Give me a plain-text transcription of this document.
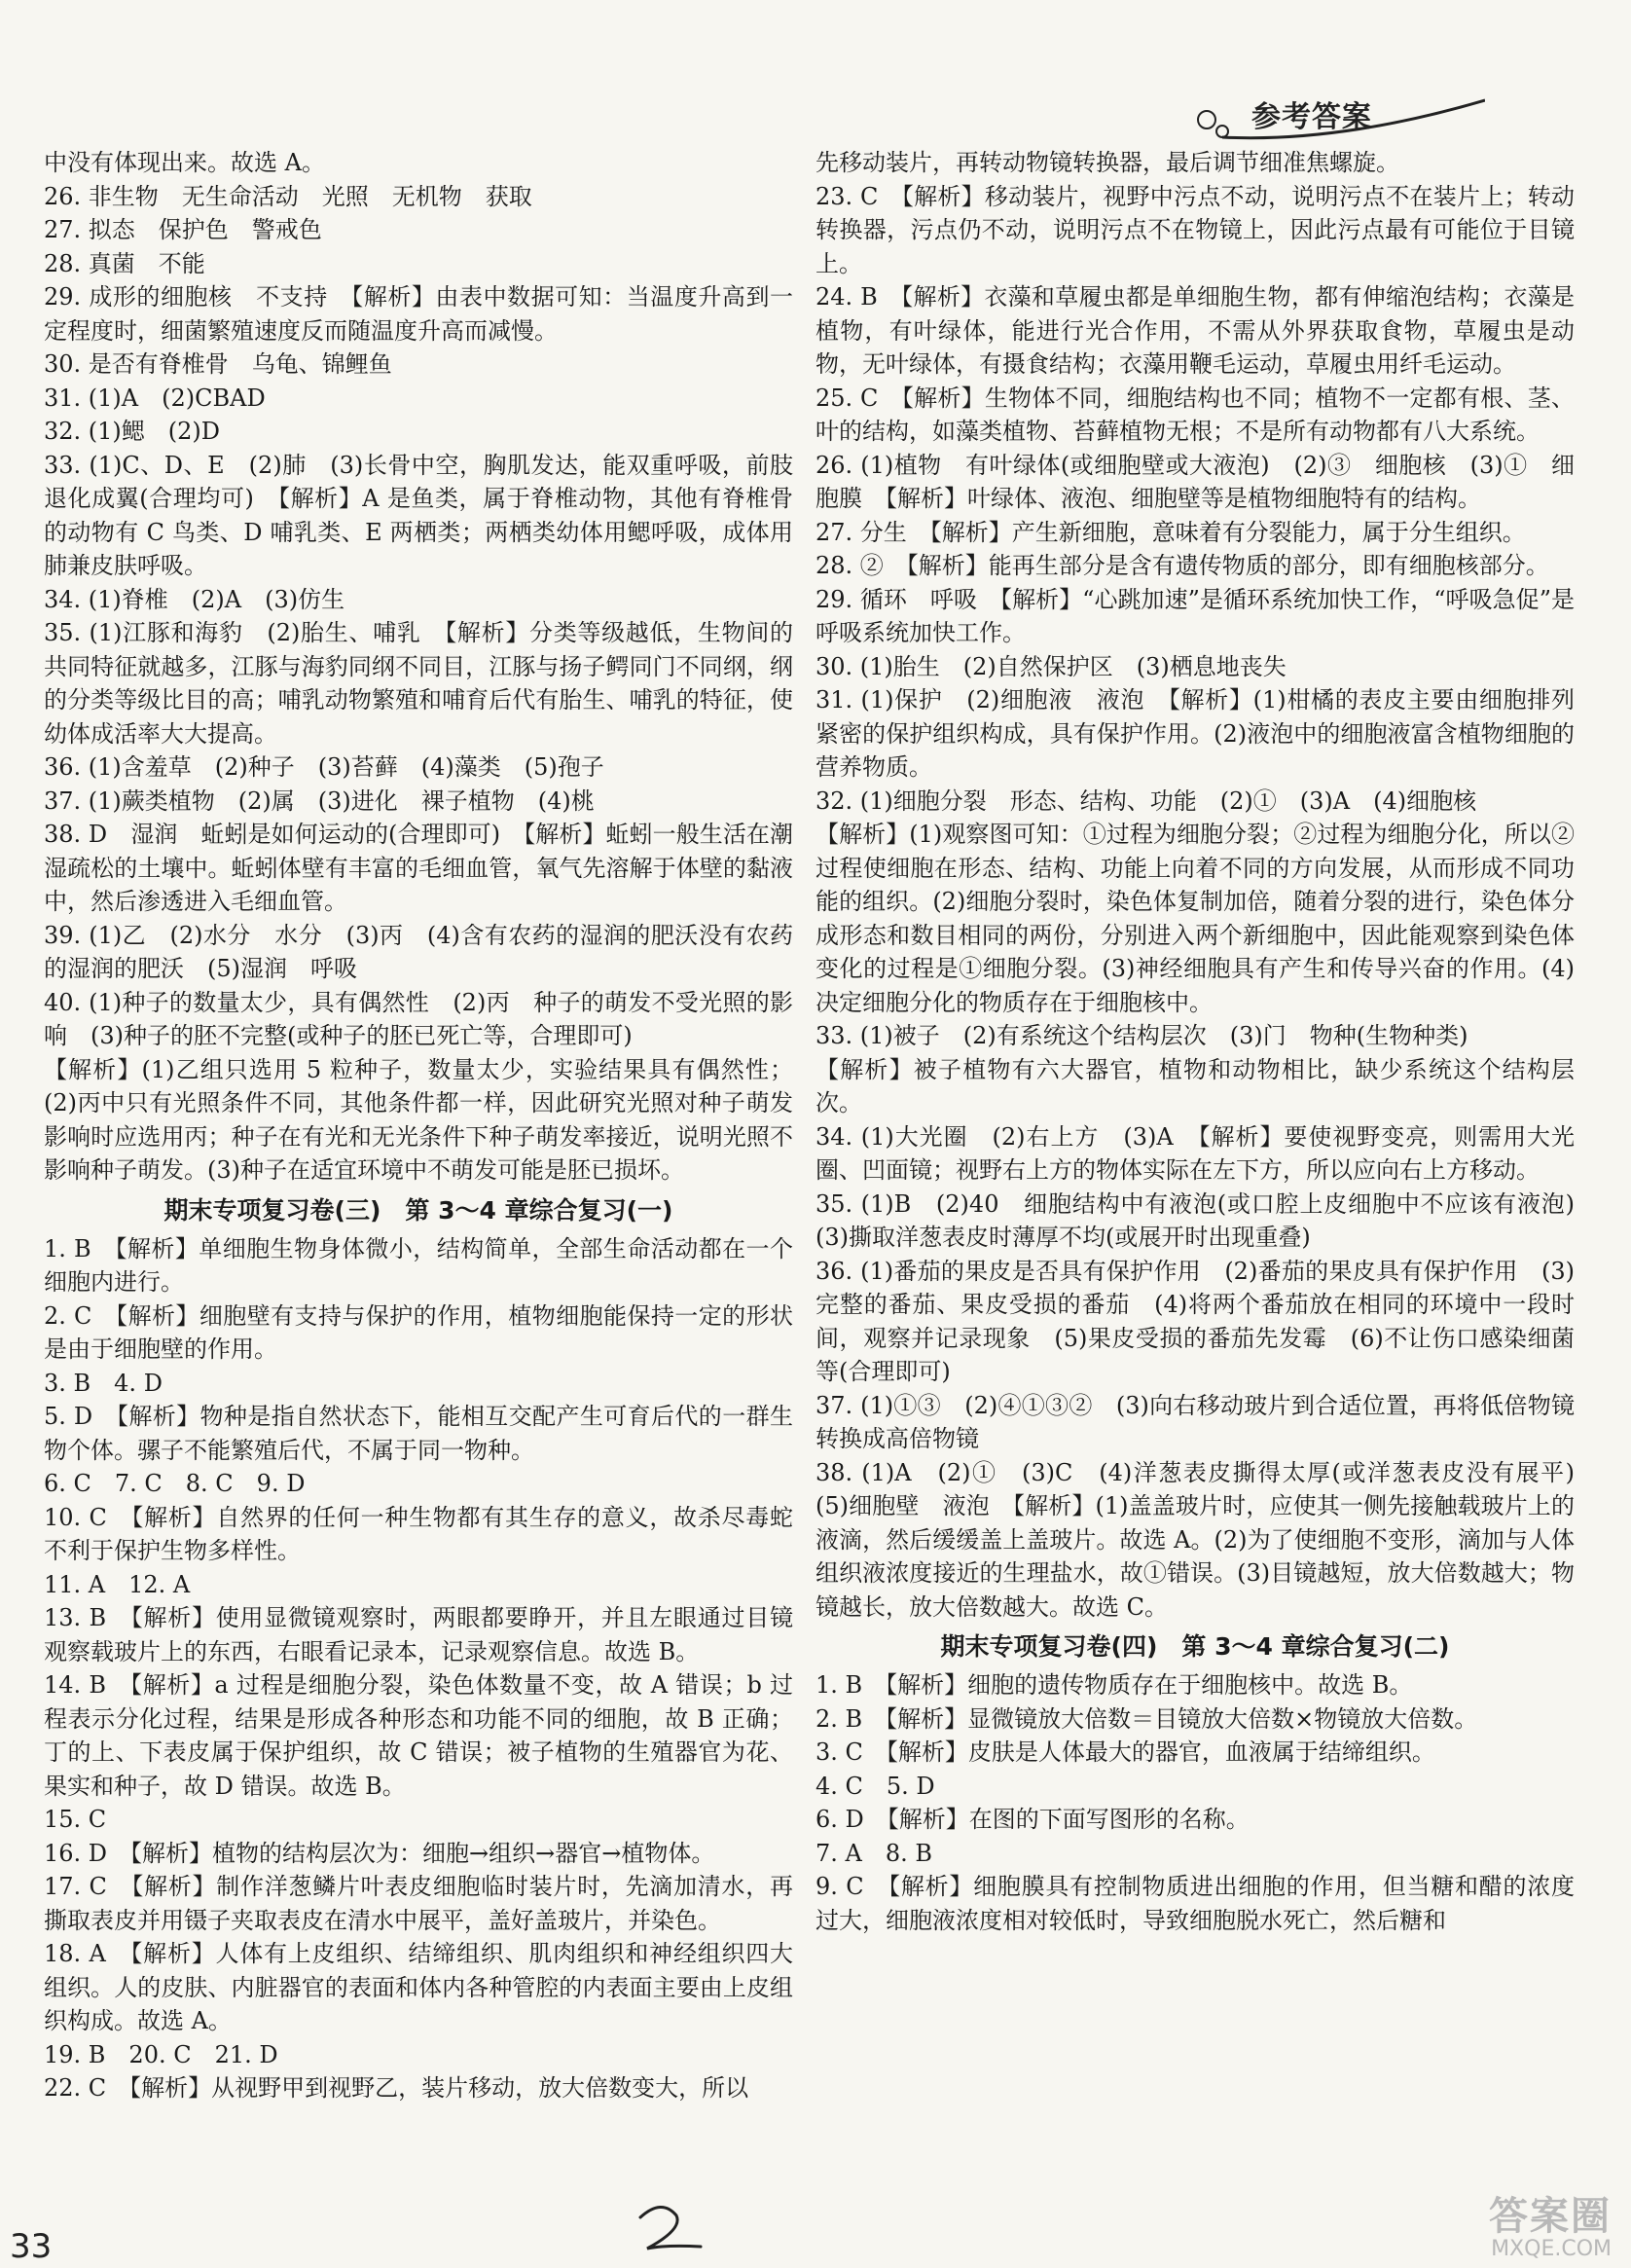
参考答案
中没有体现出来。故选 A。
26. 非生物　无生命活动　光照　无机物　获取
27. 拟态　保护色　警戒色
28. 真菌　不能
29. 成形的细胞核　不支持　【解析】由表中数据可知：当温度升高到一定程度时，细菌繁殖速度反而随温度升高而减慢。
30. 是否有脊椎骨　乌龟、锦鲤鱼
31. (1)A　(2)CBAD
32. (1)鳃　(2)D
33. (1)C、D、E　(2)肺　(3)长骨中空，胸肌发达，能双重呼吸，前肢退化成翼(合理均可)　【解析】A 是鱼类，属于脊椎动物，其他有脊椎骨的动物有 C 鸟类、D 哺乳类、E 两栖类；两栖类幼体用鳃呼吸，成体用肺兼皮肤呼吸。
34. (1)脊椎　(2)A　(3)仿生
35. (1)江豚和海豹　(2)胎生、哺乳　【解析】分类等级越低，生物间的共同特征就越多，江豚与海豹同纲不同目，江豚与扬子鳄同门不同纲，纲的分类等级比目的高；哺乳动物繁殖和哺育后代有胎生、哺乳的特征，使幼体成活率大大提高。
36. (1)含羞草　(2)种子　(3)苔藓　(4)藻类　(5)孢子
37. (1)蕨类植物　(2)属　(3)进化　裸子植物　(4)桃
38. D　湿润　蚯蚓是如何运动的(合理即可)　【解析】蚯蚓一般生活在潮湿疏松的土壤中。蚯蚓体壁有丰富的毛细血管，氧气先溶解于体壁的黏液中，然后渗透进入毛细血管。
39. (1)乙　(2)水分　水分　(3)丙　(4)含有农药的湿润的肥沃没有农药的湿润的肥沃　(5)湿润　呼吸
40. (1)种子的数量太少，具有偶然性　(2)丙　种子的萌发不受光照的影响　(3)种子的胚不完整(或种子的胚已死亡等，合理即可)
【解析】(1)乙组只选用 5 粒种子，数量太少，实验结果具有偶然性；(2)丙中只有光照条件不同，其他条件都一样，因此研究光照对种子萌发影响时应选用丙；种子在有光和无光条件下种子萌发率接近，说明光照不影响种子萌发。(3)种子在适宜环境中不萌发可能是胚已损坏。
期末专项复习卷(三)　第 3～4 章综合复习(一)
1. B　【解析】单细胞生物身体微小，结构简单，全部生命活动都在一个细胞内进行。
2. C　【解析】细胞壁有支持与保护的作用，植物细胞能保持一定的形状是由于细胞壁的作用。
3. B　4. D
5. D　【解析】物种是指自然状态下，能相互交配产生可育后代的一群生物个体。骡子不能繁殖后代，不属于同一物种。
6. C　7. C　8. C　9. D
10. C　【解析】自然界的任何一种生物都有其生存的意义，故杀尽毒蛇不利于保护生物多样性。
11. A　12. A
13. B　【解析】使用显微镜观察时，两眼都要睁开，并且左眼通过目镜观察载玻片上的东西，右眼看记录本，记录观察信息。故选 B。
14. B　【解析】a 过程是细胞分裂，染色体数量不变，故 A 错误；b 过程表示分化过程，结果是形成各种形态和功能不同的细胞，故 B 正确；丁的上、下表皮属于保护组织，故 C 错误；被子植物的生殖器官为花、果实和种子，故 D 错误。故选 B。
15. C
16. D　【解析】植物的结构层次为：细胞→组织→器官→植物体。
17. C　【解析】制作洋葱鳞片叶表皮细胞临时装片时，先滴加清水，再撕取表皮并用镊子夹取表皮在清水中展平，盖好盖玻片，并染色。
18. A　【解析】人体有上皮组织、结缔组织、肌肉组织和神经组织四大组织。人的皮肤、内脏器官的表面和体内各种管腔的内表面主要由上皮组织构成。故选 A。
19. B　20. C　21. D
22. C　【解析】从视野甲到视野乙，装片移动，放大倍数变大，所以
先移动装片，再转动物镜转换器，最后调节细准焦螺旋。
23. C　【解析】移动装片，视野中污点不动，说明污点不在装片上；转动转换器，污点仍不动，说明污点不在物镜上，因此污点最有可能位于目镜上。
24. B　【解析】衣藻和草履虫都是单细胞生物，都有伸缩泡结构；衣藻是植物，有叶绿体，能进行光合作用，不需从外界获取食物，草履虫是动物，无叶绿体，有摄食结构；衣藻用鞭毛运动，草履虫用纤毛运动。
25. C　【解析】生物体不同，细胞结构也不同；植物不一定都有根、茎、叶的结构，如藻类植物、苔藓植物无根；不是所有动物都有八大系统。
26. (1)植物　有叶绿体(或细胞壁或大液泡)　(2)③　细胞核　(3)①　细胞膜　【解析】叶绿体、液泡、细胞壁等是植物细胞特有的结构。
27. 分生　【解析】产生新细胞，意味着有分裂能力，属于分生组织。
28. ②　【解析】能再生部分是含有遗传物质的部分，即有细胞核部分。
29. 循环　呼吸　【解析】“心跳加速”是循环系统加快工作，“呼吸急促”是呼吸系统加快工作。
30. (1)胎生　(2)自然保护区　(3)栖息地丧失
31. (1)保护　(2)细胞液　液泡　【解析】(1)柑橘的表皮主要由细胞排列紧密的保护组织构成，具有保护作用。(2)液泡中的细胞液富含植物细胞的营养物质。
32. (1)细胞分裂　形态、结构、功能　(2)①　(3)A　(4)细胞核
【解析】(1)观察图可知：①过程为细胞分裂；②过程为细胞分化，所以②过程使细胞在形态、结构、功能上向着不同的方向发展，从而形成不同功能的组织。(2)细胞分裂时，染色体复制加倍，随着分裂的进行，染色体分成形态和数目相同的两份，分别进入两个新细胞中，因此能观察到染色体变化的过程是①细胞分裂。(3)神经细胞具有产生和传导兴奋的作用。(4)决定细胞分化的物质存在于细胞核中。
33. (1)被子　(2)有系统这个结构层次　(3)门　物种(生物种类)
【解析】被子植物有六大器官，植物和动物相比，缺少系统这个结构层次。
34. (1)大光圈　(2)右上方　(3)A　【解析】要使视野变亮，则需用大光圈、凹面镜；视野右上方的物体实际在左下方，所以应向右上方移动。
35. (1)B　(2)40　细胞结构中有液泡(或口腔上皮细胞中不应该有液泡)　(3)撕取洋葱表皮时薄厚不均(或展开时出现重叠)
36. (1)番茄的果皮是否具有保护作用　(2)番茄的果皮具有保护作用　(3)完整的番茄、果皮受损的番茄　(4)将两个番茄放在相同的环境中一段时间，观察并记录现象　(5)果皮受损的番茄先发霉　(6)不让伤口感染细菌等(合理即可)
37. (1)①③　(2)④①③②　(3)向右移动玻片到合适位置，再将低倍物镜转换成高倍物镜
38. (1)A　(2)①　(3)C　(4)洋葱表皮撕得太厚(或洋葱表皮没有展平)　(5)细胞壁　液泡　【解析】(1)盖盖玻片时，应使其一侧先接触载玻片上的液滴，然后缓缓盖上盖玻片。故选 A。(2)为了使细胞不变形，滴加与人体组织液浓度接近的生理盐水，故①错误。(3)目镜越短，放大倍数越大；物镜越长，放大倍数越大。故选 C。
期末专项复习卷(四)　第 3～4 章综合复习(二)
1. B　【解析】细胞的遗传物质存在于细胞核中。故选 B。
2. B　【解析】显微镜放大倍数＝目镜放大倍数×物镜放大倍数。
3. C　【解析】皮肤是人体最大的器官，血液属于结缔组织。
4. C　5. D
6. D　【解析】在图的下面写图形的名称。
7. A　8. B
9. C　【解析】细胞膜具有控制物质进出细胞的作用，但当糖和醋的浓度过大，细胞液浓度相对较低时，导致细胞脱水死亡，然后糖和
33
答案圈
MXQE.COM
